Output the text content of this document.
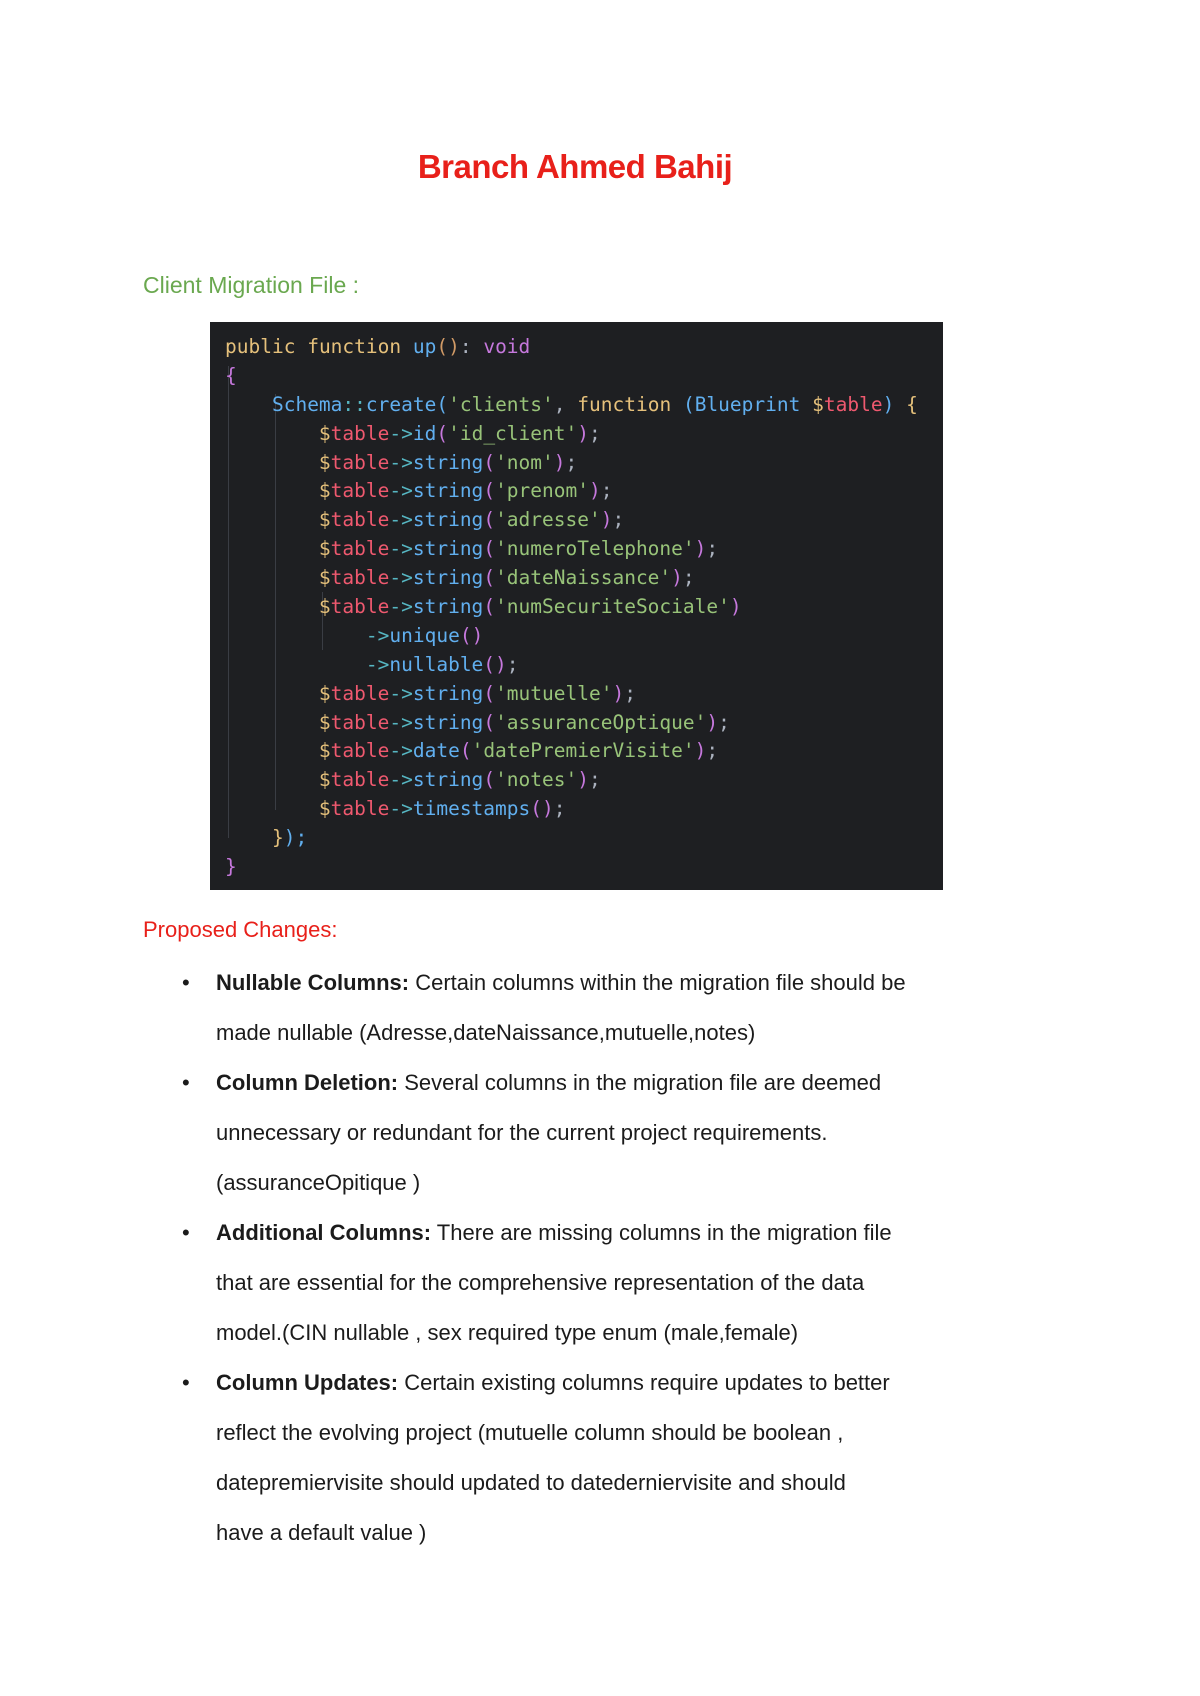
Branch Ahmed Bahij
Client Migration File :
public function up(): void
{
Schema::create('clients', function (Blueprint $table) {
$table->id('id_client');
$table->string('nom');
$table->string('prenom');
$table->string('adresse');
$table->string('numeroTelephone');
$table->string('dateNaissance');
$table->string('numSecuriteSociale')
->unique()
->nullable();
$table->string('mutuelle');
$table->string('assuranceOptique');
$table->date('datePremierVisite');
$table->string('notes');
$table->timestamps();
});
}
Proposed Changes:
• Nullable Columns: Certain columns within the migration file should be
made nullable (Adresse,dateNaissance,mutuelle,notes)
• Column Deletion: Several columns in the migration file are deemed
unnecessary or redundant for the current project requirements.
(assuranceOpitique )
• Additional Columns: There are missing columns in the migration file
that are essential for the comprehensive representation of the data
model.(CIN nullable , sex required type enum (male,female)
• Column Updates: Certain existing columns require updates to better
reflect the evolving project (mutuelle column should be boolean ,
datepremiervisite should updated to datederniervisite and should
have a default value )
